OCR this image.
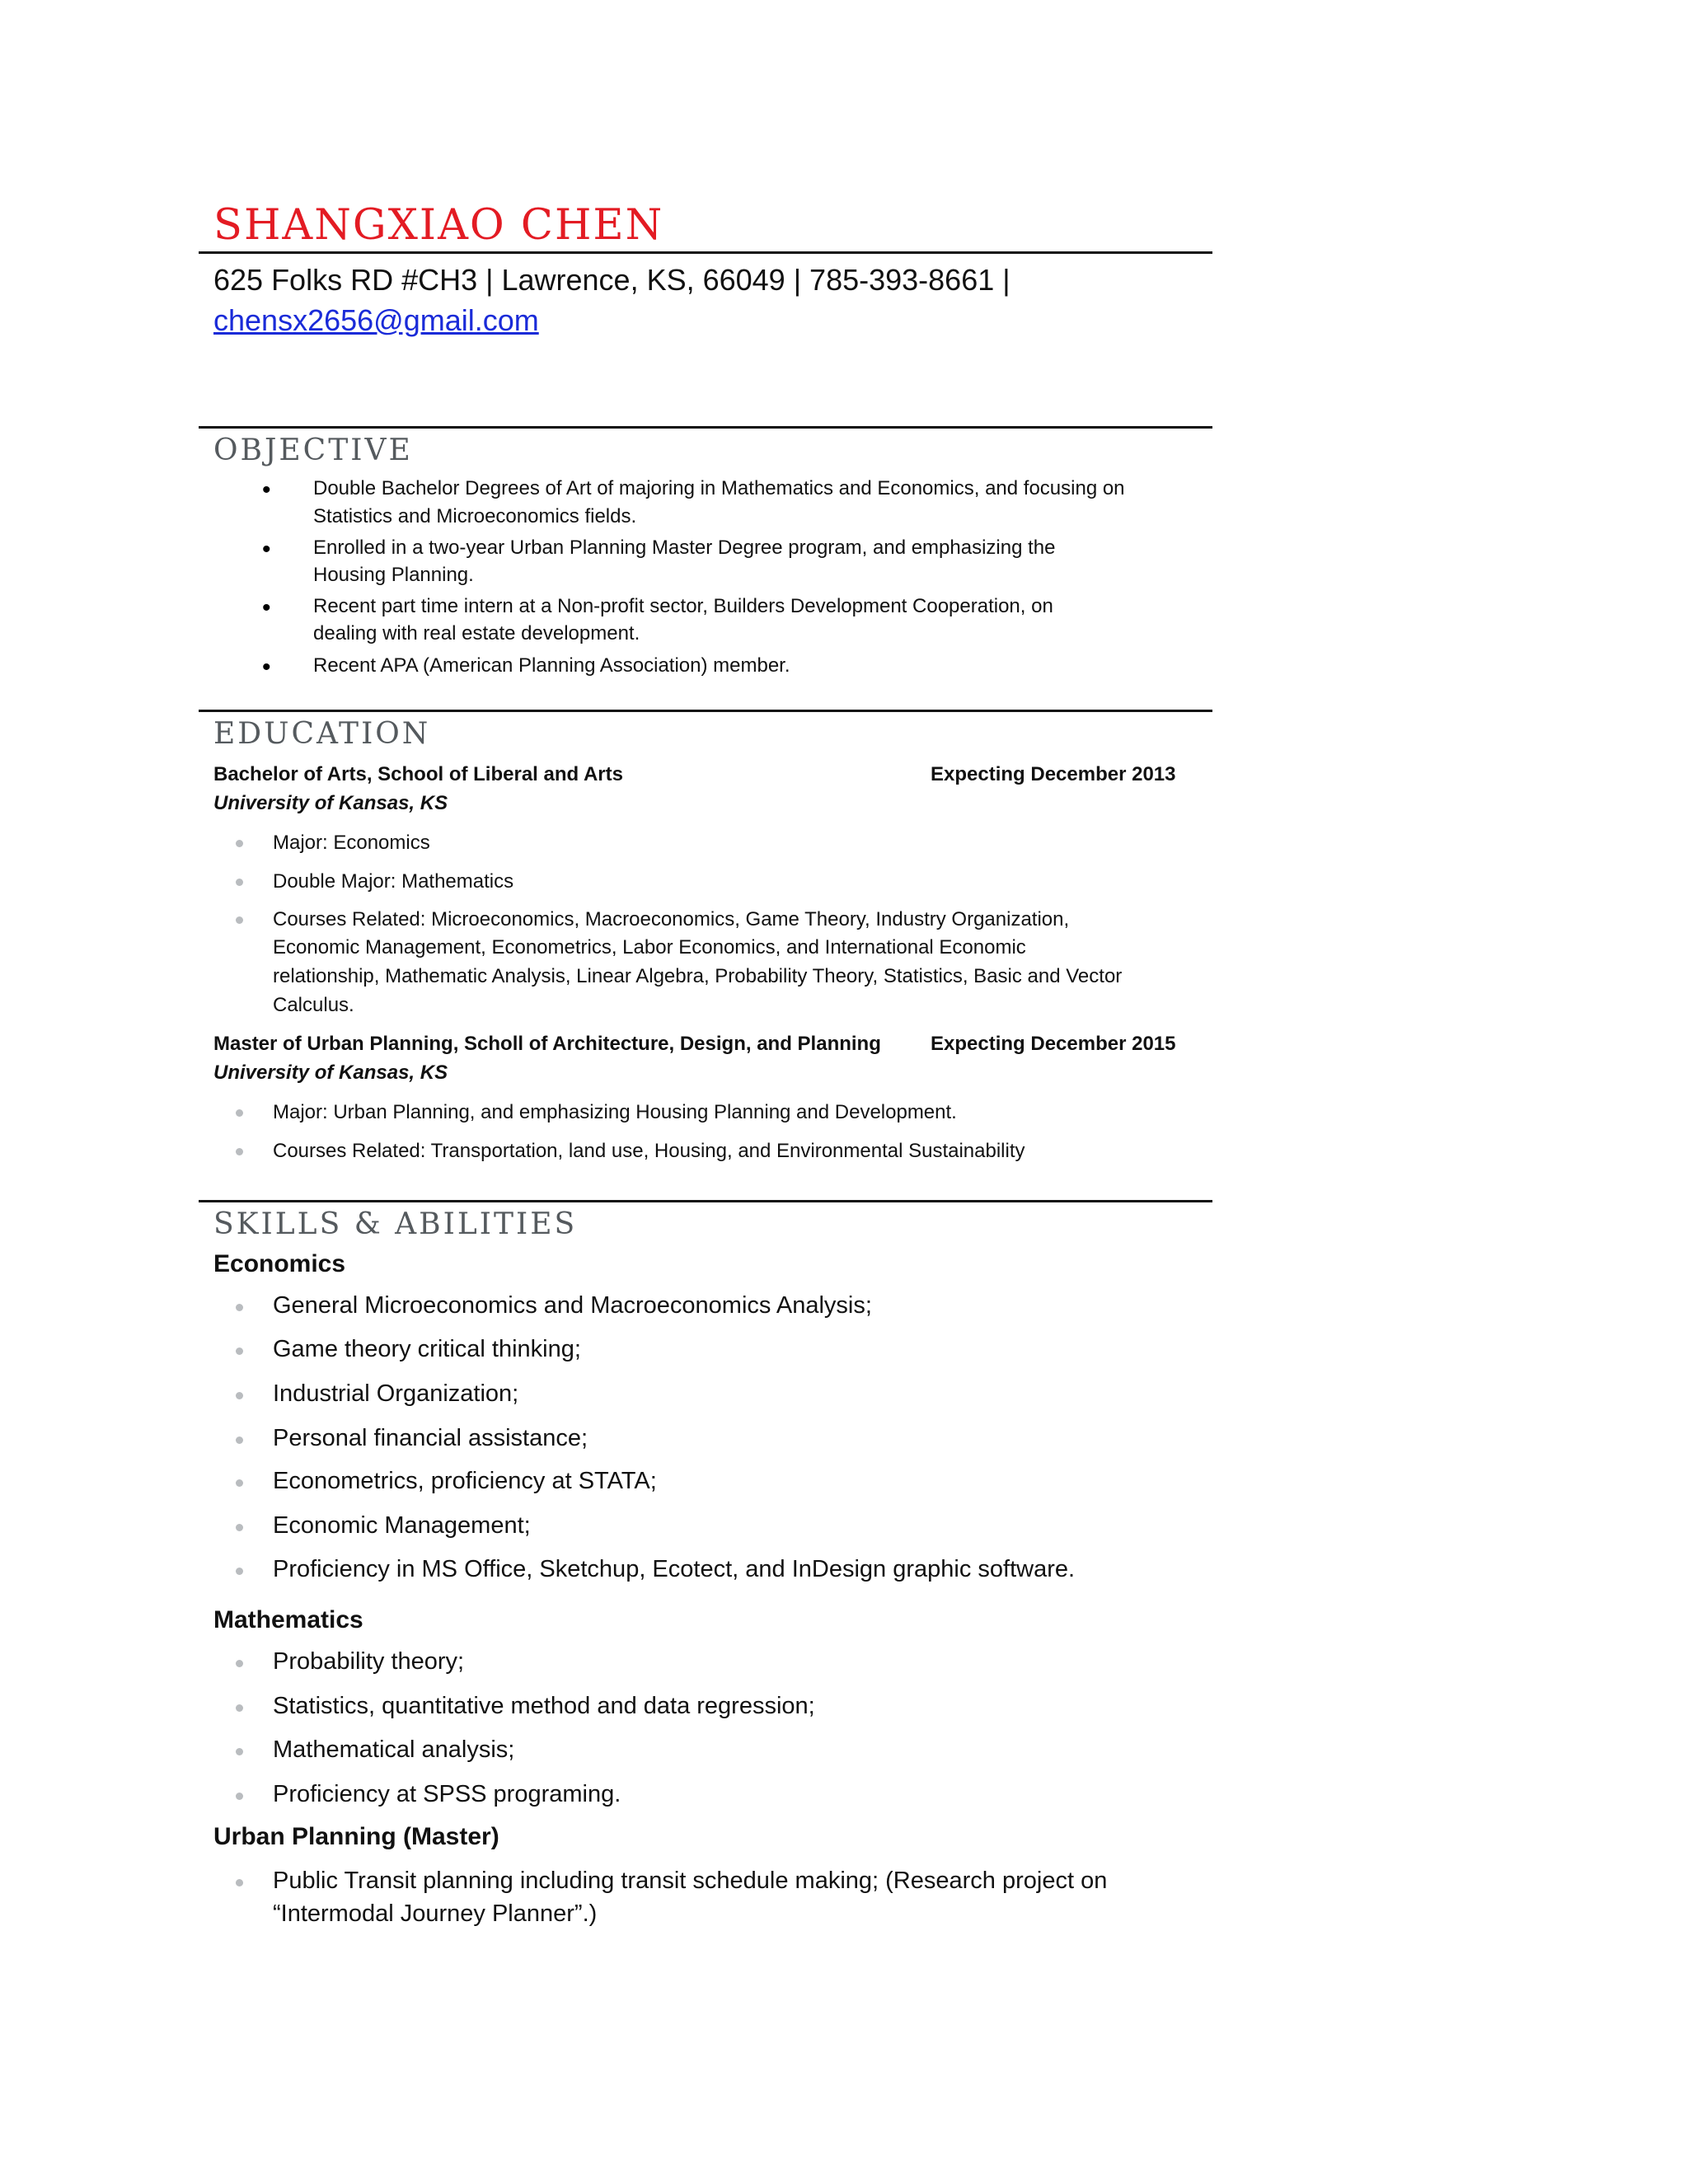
SHANGXIAO CHEN
625 Folks RD #CH3 | Lawrence, KS, 66049 | 785-393-8661 |
chensx2656@gmail.com
OBJECTIVE
• Double Bachelor Degrees of Art of majoring in Mathematics and Economics, and focusing on
Statistics and Microeconomics fields.
• Enrolled in a two-year Urban Planning Master Degree program, and emphasizing the
Housing Planning.
• Recent part time intern at a Non-profit sector, Builders Development Cooperation, on
dealing with real estate development.
• Recent APA (American Planning Association) member.
EDUCATION
Bachelor of Arts, School of Liberal and Arts	Expecting December 2013
University of Kansas, KS
Major: Economics
Double Major: Mathematics
Courses Related: Microeconomics, Macroeconomics, Game Theory, Industry Organization,
Economic Management, Econometrics, Labor Economics, and International Economic
relationship, Mathematic Analysis, Linear Algebra, Probability Theory, Statistics, Basic and Vector
Calculus.
Master of Urban Planning, Scholl of Architecture, Design, and Planning	Expecting December 2015
University of Kansas, KS
Major: Urban Planning, and emphasizing Housing Planning and Development.
Courses Related: Transportation, land use, Housing, and Environmental Sustainability
SKILLS & ABILITIES
Economics
General Microeconomics and Macroeconomics Analysis;
Game theory critical thinking;
Industrial Organization;
Personal financial assistance;
Econometrics, proficiency at STATA;
Economic Management;
Proficiency in MS Office, Sketchup, Ecotect, and InDesign graphic software.
Mathematics
Probability theory;
Statistics, quantitative method and data regression;
Mathematical analysis;
Proficiency at SPSS programing.
Urban Planning (Master)
Public Transit planning including transit schedule making; (Research project on
“Intermodal Journey Planner”.)
